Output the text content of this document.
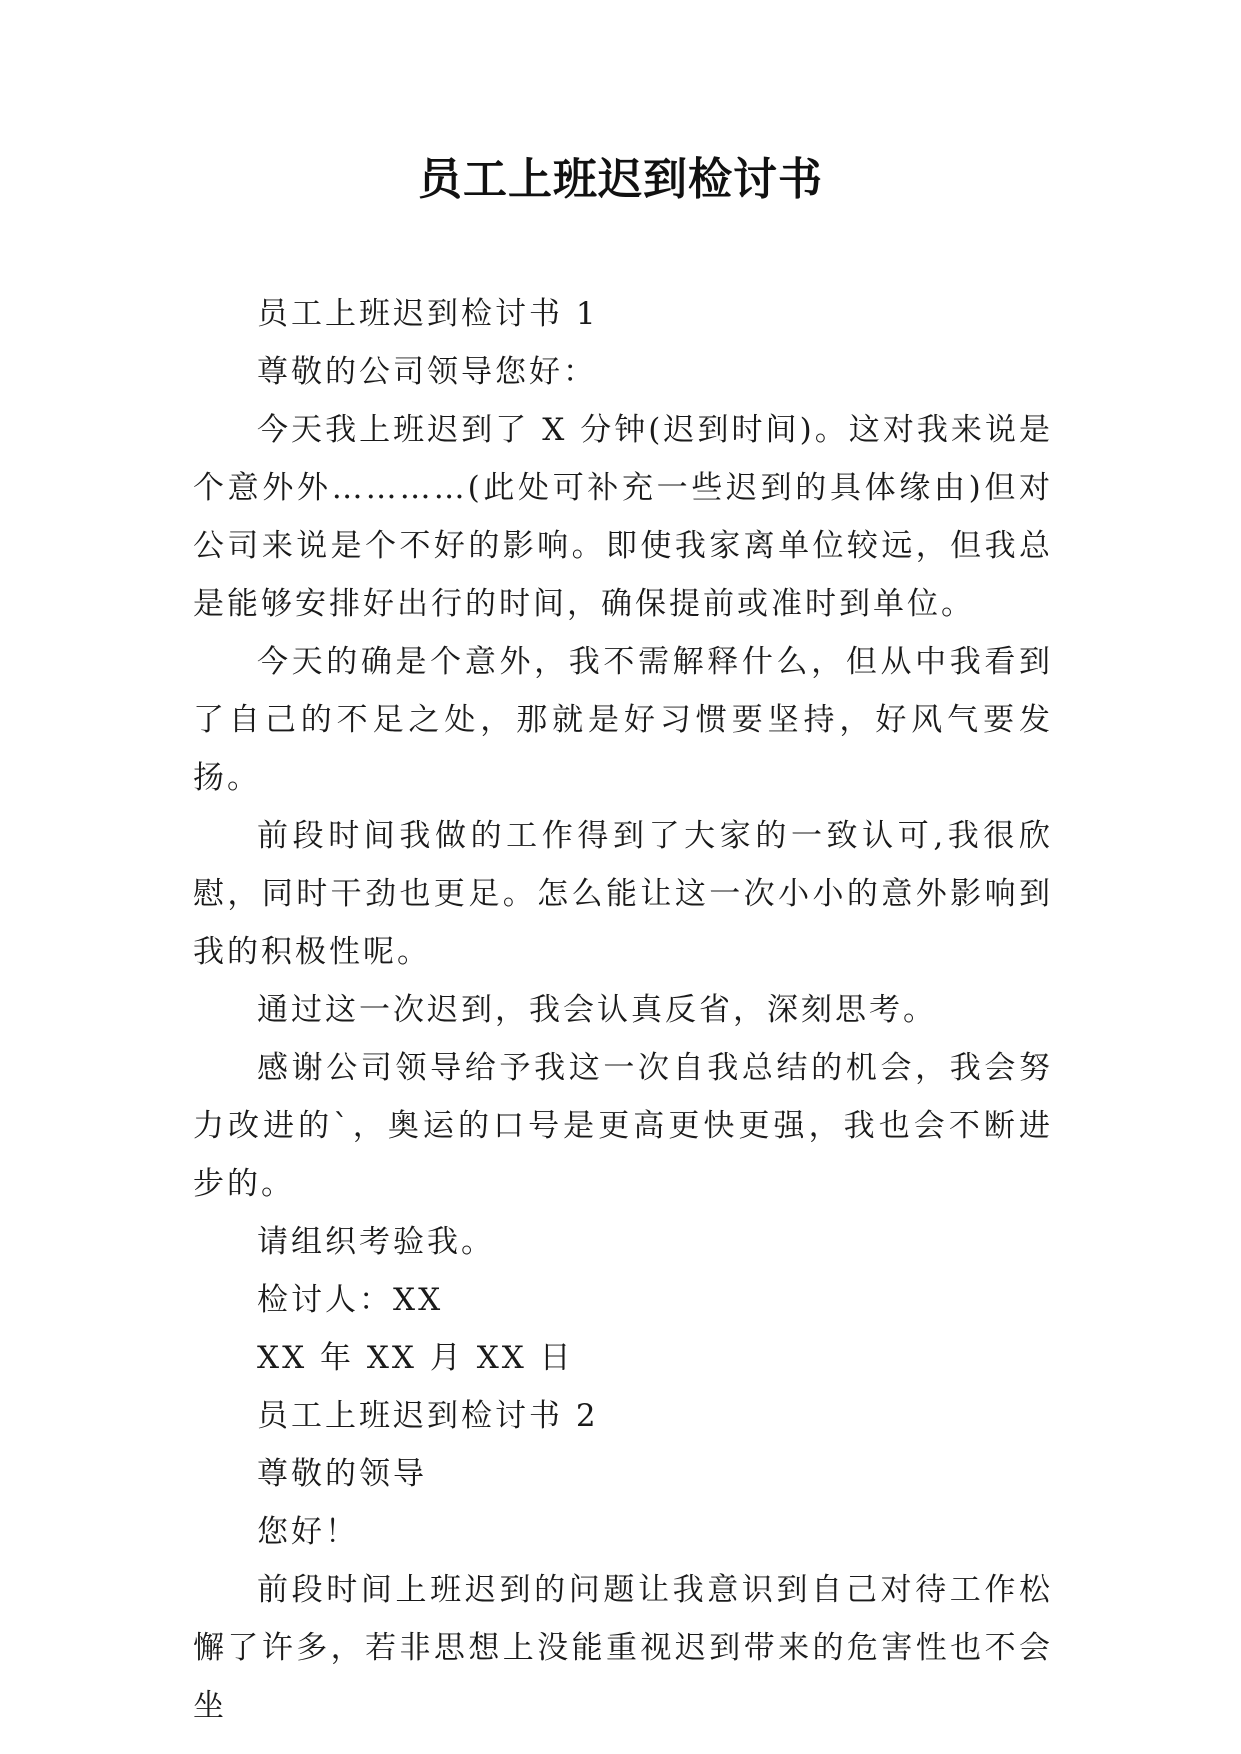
员工上班迟到检讨书

员工上班迟到检讨书 1

尊敬的公司领导您好：

今天我上班迟到了 X 分钟(迟到时间)。这对我来说是个意外外…………(此处可补充一些迟到的具体缘由)但对公司来说是个不好的影响。即使我家离单位较远，但我总是能够安排好出行的时间，确保提前或准时到单位。

今天的确是个意外，我不需解释什么，但从中我看到了自己的不足之处，那就是好习惯要坚持，好风气要发扬。

前段时间我做的工作得到了大家的一致认可,我很欣慰，同时干劲也更足。怎么能让这一次小小的意外影响到我的积极性呢。

通过这一次迟到，我会认真反省，深刻思考。

感谢公司领导给予我这一次自我总结的机会，我会努力改进的`，奥运的口号是更高更快更强，我也会不断进步的。

请组织考验我。

检讨人：XX

XX 年 XX 月 XX 日

员工上班迟到检讨书 2

尊敬的领导

您好！

前段时间上班迟到的问题让我意识到自己对待工作松懈了许多，若非思想上没能重视迟到带来的危害性也不会坐
